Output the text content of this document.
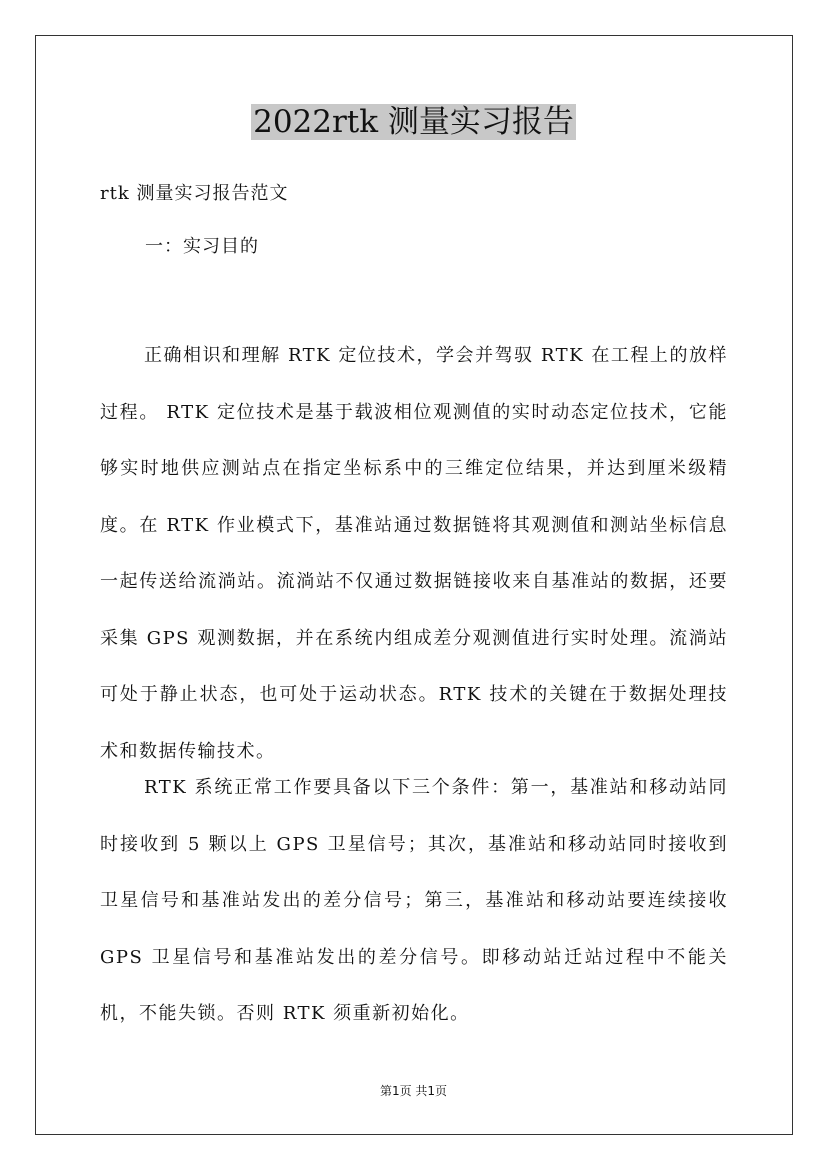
2022rtk 测量实习报告
rtk 测量实习报告范文
一：实习目的

正确相识和理解 RTK 定位技术，学会并驾驭 RTK 在工程上的放样过程。 RTK 定位技术是基于载波相位观测值的实时动态定位技术，它能够实时地供应测站点在指定坐标系中的三维定位结果，并达到厘米级精度。在 RTK 作业模式下，基准站通过数据链将其观测值和测站坐标信息一起传送给流淌站。流淌站不仅通过数据链接收来自基准站的数据，还要采集 GPS 观测数据，并在系统内组成差分观测值进行实时处理。流淌站可处于静止状态，也可处于运动状态。RTK 技术的关键在于数据处理技术和数据传输技术。

RTK 系统正常工作要具备以下三个条件：第一，基准站和移动站同时接收到 5 颗以上 GPS 卫星信号；其次，基准站和移动站同时接收到卫星信号和基准站发出的差分信号；第三，基准站和移动站要连续接收 GPS 卫星信号和基准站发出的差分信号。即移动站迁站过程中不能关机，不能失锁。否则 RTK 须重新初始化。

第1页 共1页
